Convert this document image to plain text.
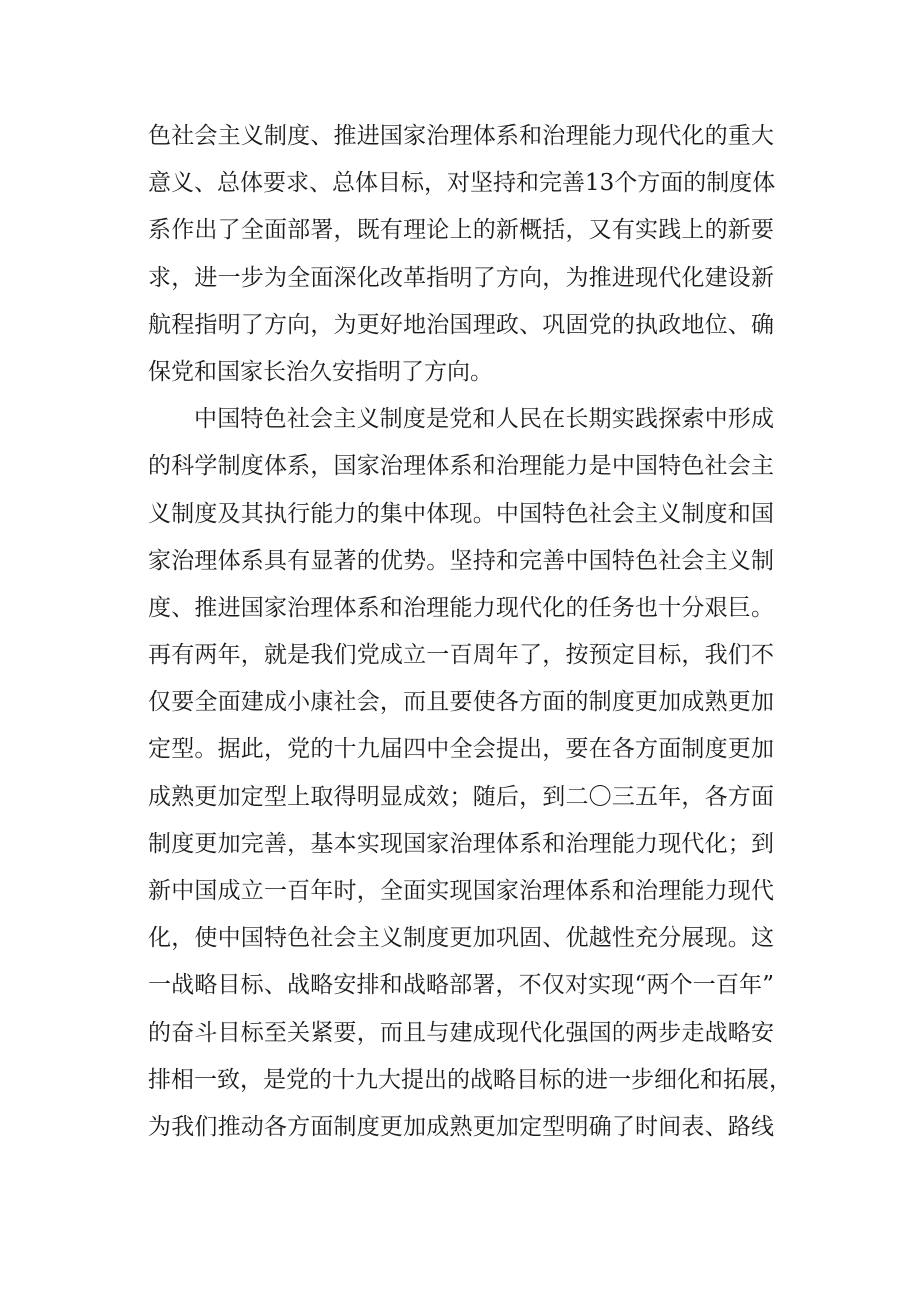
色社会主义制度、推进国家治理体系和治理能力现代化的重大
意义、总体要求、总体目标，对坚持和完善13个方面的制度体
系作出了全面部署，既有理论上的新概括，又有实践上的新要
求，进一步为全面深化改革指明了方向，为推进现代化建设新
航程指明了方向，为更好地治国理政、巩固党的执政地位、确
保党和国家长治久安指明了方向。
中国特色社会主义制度是党和人民在长期实践探索中形成
的科学制度体系，国家治理体系和治理能力是中国特色社会主
义制度及其执行能力的集中体现。中国特色社会主义制度和国
家治理体系具有显著的优势。坚持和完善中国特色社会主义制
度、推进国家治理体系和治理能力现代化的任务也十分艰巨。
再有两年，就是我们党成立一百周年了，按预定目标，我们不
仅要全面建成小康社会，而且要使各方面的制度更加成熟更加
定型。据此，党的十九届四中全会提出，要在各方面制度更加
成熟更加定型上取得明显成效；随后，到二〇三五年，各方面
制度更加完善，基本实现国家治理体系和治理能力现代化；到
新中国成立一百年时，全面实现国家治理体系和治理能力现代
化，使中国特色社会主义制度更加巩固、优越性充分展现。这
一战略目标、战略安排和战略部署，不仅对实现“两个一百年”
的奋斗目标至关紧要，而且与建成现代化强国的两步走战略安
排相一致，是党的十九大提出的战略目标的进一步细化和拓展，
为我们推动各方面制度更加成熟更加定型明确了时间表、路线
